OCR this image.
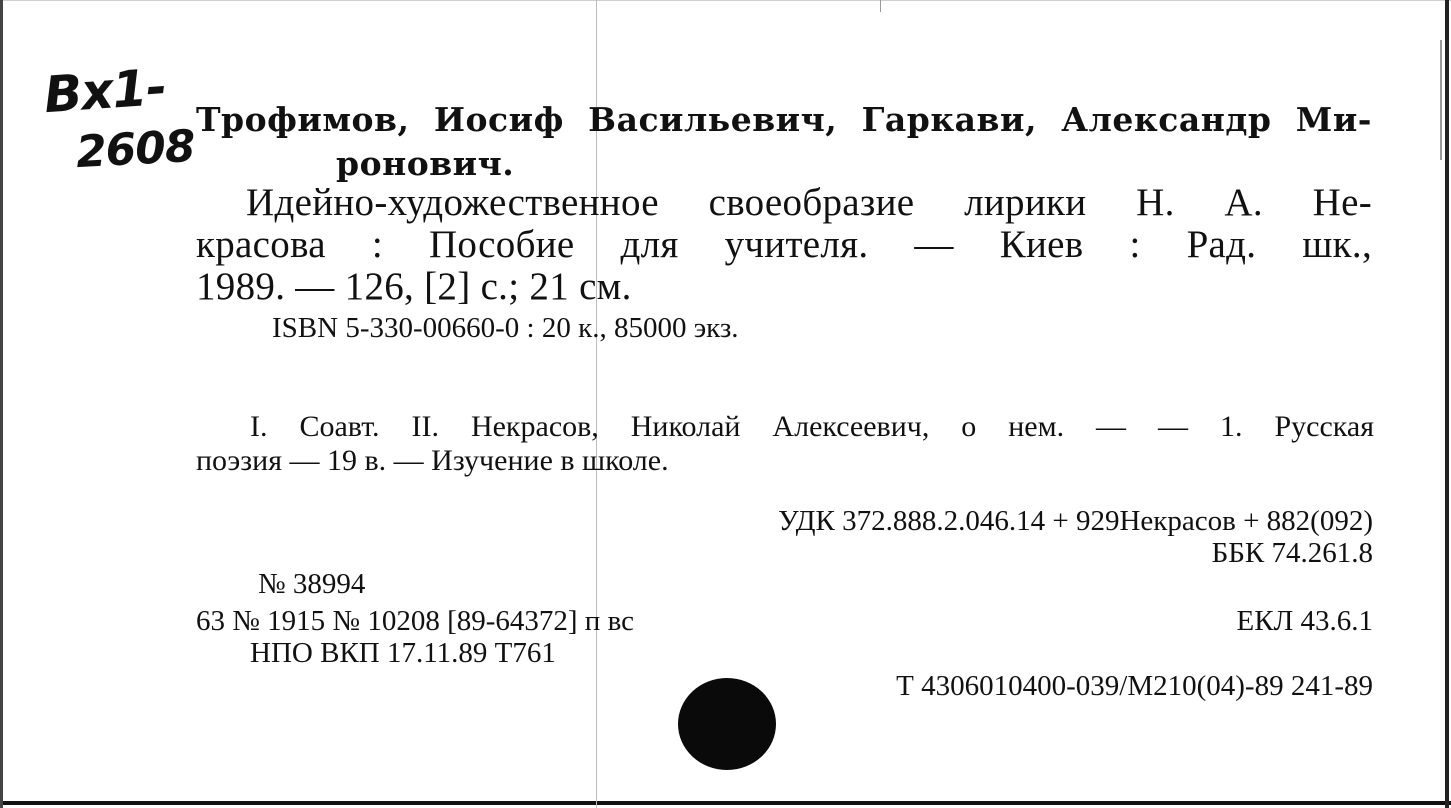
Bx1-
2608
Трофимов, Иосиф Васильевич, Гаркави, Александр Ми-
ронович.
Идейно-художественное своеобразие лирики Н. А. Не-
красова : Пособие для учителя. — Киев : Рад. шк.,
1989. — 126, [2] с.; 21 см.
ISBN 5-330-00660-0 : 20 к., 85000 экз.
I. Соавт. II. Некрасов, Николай Алексеевич, о нем. — — 1. Русская
поэзия — 19 в. — Изучение в школе.
УДК 372.888.2.046.14 + 929Некрасов + 882(092)
ББК 74.261.8
№ 38994
63 № 1915 № 10208 [89-64372] п вс	ЕКЛ 43.6.1
НПО ВКП 17.11.89 Т761
Т 4306010400-039/M210(04)-89 241-89
